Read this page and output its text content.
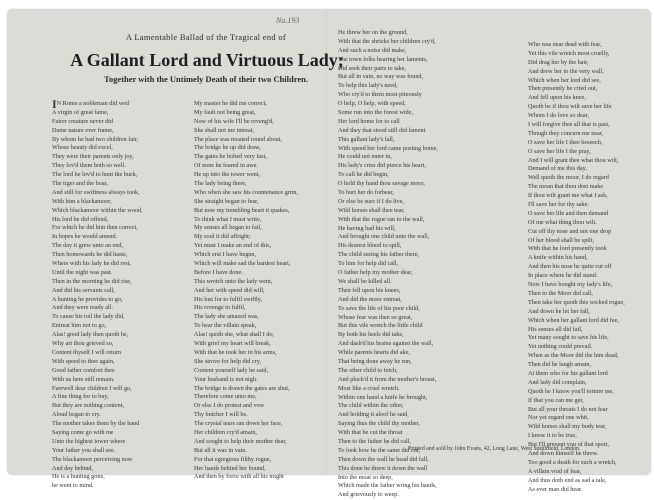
No.193
A Lamentable Ballad of the Tragical end of
A Gallant Lord and Virtuous Lady;
Together with the Untimely Death of their two Children.
IN Rome a nobleman did wed
A virgin of great fame,
Fairer creature never did
Dame nature ever frame,
By whom he had two children fair,
Whose beauty did excel,
They were their parents only joy,
They lov'd them both so well.
The lord he lov'd to hunt the buck,
The tiger and the boar,
And still for swiftness always took,
With him a blackamoor,
Which blackamoor within the wood,
His lord he did offend,
For which he did him then correct,
In hopes he would amend.
The day it grew unto an end,
Then homewards he did haste,
Where with his lady he did rest,
Until the night was past.
Then in the morning he did rise,
And did his servants call,
A hunting he provides to go,
And they were ready all.
To cause his toil the lady did,
Entreat him not to go,
Alas! good lady then quoth he,
Why art thou grieved so,
Content thyself I will return
With speed to thee again,
Good father comfort thee
With us here still remain.
Farewell dear children I will go,
A fine thing for to buy,
But they are nothing content,
Aloud began to cry.
The mother takes them by the hand
Saying come go with me
Unto the highest tower where
Your father you shall see.
The blackamoor perceiving now
And day behind,
He is a hunting gone,
he went to mind.
My master he did me correct,
My fault not being great,
Now of his wife I'll be reveng'd,
She shall not me intreat,
The place was moated round about,
The bridge he up did draw,
The gates he bolted very fast,
Of none he feared in awe.
He up into the tower went,
The lady being there,
Who when she saw his countenance grim,
She straight began to fear,
But now my trembling heart it quakes,
To think what I must write,
My senses all began to fail,
My soul it did affright;
Yet must I make an end of this,
Which erst I have begun,
Which will make sad the hardest heart,
Before I have done.
This wretch unto the lady went,
And her with speed did will,
His lust for to fulfil swiftly,
His revenge to fulfil,
The lady she amazed was,
To hear the villain speak,
Alas! quoth she, what shall I do,
With grief my heart will break,
With that he took her in his arms,
She strove for help did cry,
Content yourself lady he said,
Your husband is not nigh.
The bridge is drawn the gates are shut,
Therefore come unto me,
Or else I do protest and vow
Thy butcher I will be.
The crystal tears ran down her face,
Her children cry'd amain,
And sought to help their mother dear,
But all it was in vain.
For that egregious filthy rogue,
Her hands behind her bound,
And then by force with all his might
He threw her on the ground,
With that the shrieks her children cry'd,
And such a noise did make,
The town folks hearing her laments,
Did seek their parts to take,
But all in vain, no way was found,
To help this lady's need,
Who cry'd to them most piteously
O help, O help, with speed,
Some run into the forest wide,
Her lord home for to call
And they that stood still did lament
This gallant lady's fall,
With speed her lord came posting home,
He could not enter in,
His lady's cries did pierce his heart,
To call he did begin,
O hold thy hand thou savage moor,
To hurt her do forbear,
Or else be sure if I do live,
Wild horses shall thee tear,
With that the rogue ran to the wall,
He having had his will,
And brought one child unto the wall,
His dearest blood to spill,
The child seeing his father there,
To him for help did call,
O father help my mother dear,
We shall be killed all.
Then fell upon his knees,
And did the moor entreat,
To save the life of his poor child,
Whose fear was then so great,
But this vile wretch the little child
By both his heels did take,
And dash'd his brains against the wall,
While parents hearts did ake,
That being done away he run,
The other child to fetch,
And pluck'd it from the mother's breast,
Most like a cruel wretch.
Within one hand a knife he brought,
The child within the other,
And holding it aloof he said,
Saying thus the child thy mother,
With that he cut the throat
Then to the father he did call,
To look how he the same did cut,
Then down the wall he head did fall,
This done he threw it down the wall
Into the moat so deep,
Which made the father wring his hands,
And grievously to weep.
Who was near dead with fear,
Yet this vile wretch most cruelly,
Did drag her by the hair,
And drew her to the very wall,
Which when her lord did see,
Then presently he cried out,
And fell upon his knee,
Quoth he if thou wilt save her life
Whom I do love so dear,
I will forgive thee all that is past,
Though they concern me near,
O save her life I thee beseech,
O save her life I the pray,
And I will grant thee what thou wilt,
Demand of me this day.
Well quoth the moor, I do regard
The moan that thou dost make
If thou wilt grant me what I ask,
I'll save her for thy sake.
O save her life and then demand
Of me what thing thou wilt.
Cut off thy nose and not one drop
Of her blood shall be spilt,
With that he lord presently took
A knife within his hand,
And then his nose he quite cut off
In place where he did stand.
Now I have bought my lady's life,
Then to the Moor did call,
Then take her quoth this wicked rogue,
And down he let her fall,
Which when her gallant lord did fee,
His senses all did fail,
Yet many sought to save his life,
Yet nothing could prevail.
When as the Moor did the him dead,
Then did he laugh amain,
At them who for his gallant lord
And lady did complain,
Quoth he I know you'll torture me,
If that you can me get,
But all your threats I do not fear
Nor yet regard one whit,
Wild horses shall my body tear,
I know it to be true,
But I'll prevent you of that sport,
And down himself he threw.
Too good a death for such a wretch,
A villain void of fear,
And thus doth end as sad a tale,
As ever man did hear.
Printed and sold by John Evans, 42, Long Lane, West Smithfield, London.
